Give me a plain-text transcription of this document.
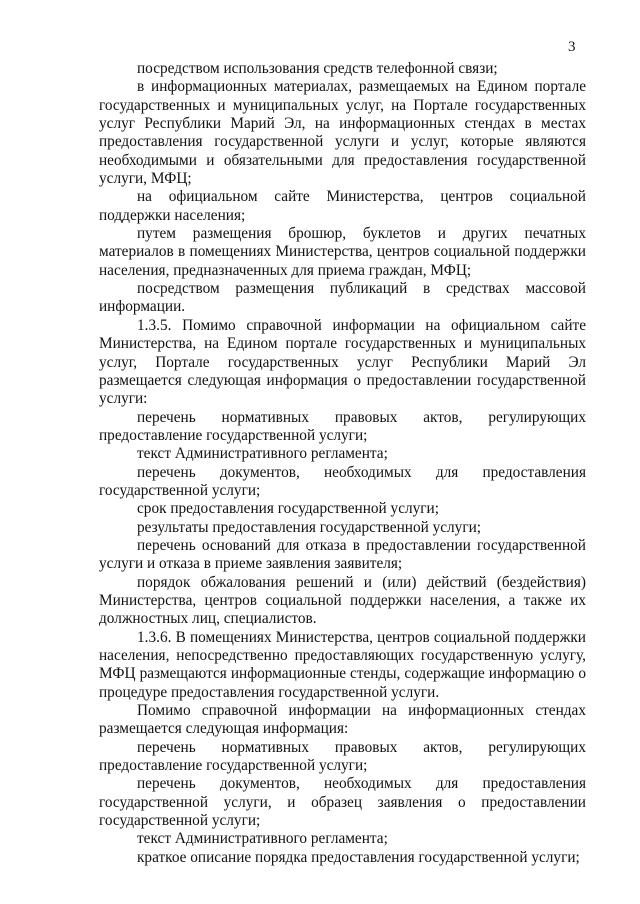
3

посредством использования средств телефонной связи;

в информационных материалах, размещаемых на Едином портале государственных и муниципальных услуг, на Портале государственных услуг Республики Марий Эл, на информационных стендах в местах предоставления государственной услуги и услуг, которые являются необходимыми и обязательными для предоставления государственной услуги, МФЦ;

на официальном сайте Министерства, центров социальной поддержки населения;

путем размещения брошюр, буклетов и других печатных материалов в помещениях Министерства, центров социальной поддержки населения, предназначенных для приема граждан, МФЦ;

посредством размещения публикаций в средствах массовой информации.

1.3.5. Помимо справочной информации на официальном сайте Министерства, на Едином портале государственных и муниципальных услуг, Портале государственных услуг Республики Марий Эл размещается следующая информация о предоставлении государственной услуги:

перечень нормативных правовых актов, регулирующих предоставление государственной услуги;

текст Административного регламента;

перечень документов, необходимых для предоставления государственной услуги;

срок предоставления государственной услуги;

результаты предоставления государственной услуги;

перечень оснований для отказа в предоставлении государственной услуги и отказа в приеме заявления заявителя;

порядок обжалования решений и (или) действий (бездействия) Министерства, центров социальной поддержки населения, а также их должностных лиц, специалистов.

1.3.6. В помещениях Министерства, центров социальной поддержки населения, непосредственно предоставляющих государственную услугу, МФЦ размещаются информационные стенды, содержащие информацию о процедуре предоставления государственной услуги.

Помимо справочной информации на информационных стендах размещается следующая информация:

перечень нормативных правовых актов, регулирующих предоставление государственной услуги;

перечень документов, необходимых для предоставления государственной услуги, и образец заявления о предоставлении государственной услуги;

текст Административного регламента;

краткое описание порядка предоставления государственной услуги;
